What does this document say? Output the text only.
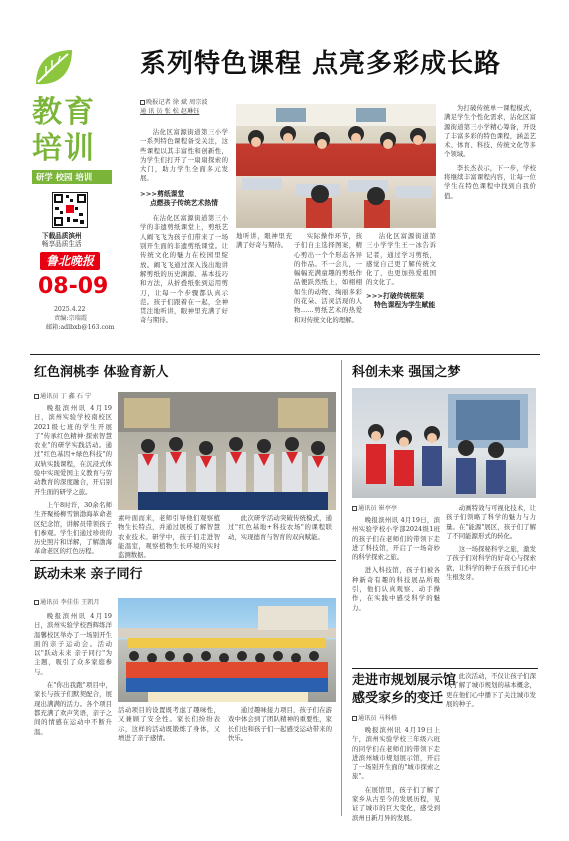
教育
培训
研学 校园 培训
下载品质滨州
畅享品质生活
鲁北晚报
08-09
2025.4.22
责编:宗瑞霞
邮箱:adlbxb@163.com
系列特色课程 点亮多彩成长路
晚报记者 徐 斌 周宗波
通 讯 员 张 松 赵琳钰

沾化区富源街道第三小学一系列特色课程备受关注，这些课程以其丰富性和创新性，为学生们打开了一扇扇探索的大门，助力学生全面多元发展。

>>>剪纸课堂
点燃孩子传统艺术热情

在沾化区富源街道第三小学的非遗剪纸课堂上，剪纸艺人阚飞飞为孩子们带来了一场别开生面的非遗剪纸课堂。让传统文化的魅力在校园里绽放。阚飞飞通过深入浅出地讲解剪纸的历史渊源、基本技巧和方法，从折叠纸张到运用剪刀，让每一个步骤都认真示范。孩子们跟着在一起，全神贯注地听讲，眼神里充满了好奇与期待。

地听讲，眼神里充满了好奇与期待。

实际操作环节，孩子们自主选择图案，精心剪出一个个形态各异的作品。不一会儿，一幅幅充满童趣的剪纸作品便跃然纸上，如栩栩如生的动物、绚丽多彩的花朵、活灵活现的人物……剪纸艺术的热爱和对传统文化的理解。

沾化区富源街道第三小学学生王一冰告诉记者，通过学习剪纸，感觉自己更了解传统文化了，也更加热爱祖国的文化了。

>>>打破传统框架
特色课程为学生赋能

为打破传统单一课程模式，满足学生个性化需求，沾化区富源街道第三小学精心筹备，开设了丰富多彩的特色课程，涵盖艺术、体育、科技、传统文化等多个领域。

李长杰表示，下一步，学校将继续丰富课程内容，让每一位学生在特色课程中找到自我价值。

红色润桃李 体验育新人
通讯员 丁 鑫 石 宁

晚报滨州讯 4月19日，滨州实验学校南校区2021级七班的学生开展了"传承红色精神·探索智慧农业"的研学实践活动。通过"红色基因+绿色科技"的双轨实践课程，在沉浸式体验中实现爱国主义教育与劳动教育的深度融合，开启别开生面的研学之旅。

上午8时许，30余名师生齐聚杨柳雪镇渤海革命老区纪念馆，讲解员带领孩子们参观。学生们通过珍贵的历史照片和详解，了解渤海革命老区的红色历程。

素叶面而来，老师引导他们观察植物生长特点，并通过展板了解智慧农业技术。研学中，孩子们走进智能温室，观察植物生长环境的实时监测数据。

此次研学活动突破传统模式，通过"红色基地+科技农场"的课程联动，实现德育与智育的双向赋能。

跃动未来 亲子同行
通讯员 李佳佳 王凯月

晚报滨州讯 4月19日，滨州实验学校西辉练洋温馨校区举办了一场别开生面的亲子运动会。活动以"跃动未来 亲子同行"为主题，吸引了众多家庭参与。

在"你出我跑"项目中，家长与孩子们默契配合，展现出满满的活力。各个项目都充满了欢声笑语，亲子之间的情感在运动中不断升温。

活动项目的设置既考虑了趣味性，又兼顾了安全性。家长们纷纷表示，这样的活动既锻炼了身体，又增进了亲子感情。

通过趣味接力项目，孩子们在游戏中体会到了团队精神的重要性，家长们也和孩子们一起感受运动带来的快乐。

科创未来 强国之梦
通讯员 崔亭亭

晚报滨州讯 4月19日，滨州实验学校小学部2024级1班的孩子们在老师们的带领下走进了科技馆，开启了一场奇妙的科学探索之旅。

进入科技馆，孩子们被各种新奇有趣的科技展品所吸引，他们认真观察、动手操作，在实践中感受科学的魅力。

动画特效与可视化技术，让孩子们领略了科学的魅力与力量。在"能源"展区，孩子们了解了不同能源形式的转化。

这一场探秘科学之旅，激发了孩子们对科学的好奇心与探索欲，让科学的种子在孩子们心中生根发芽。

走进市规划展示馆
感受家乡的变迁
通讯员 马科格

晚报滨州讯 4月19日上午，滨州实验学校三年级六班的同学们在老师们的带领下走进滨州城市规划展示馆，开启了一场别开生面的"城市探索之旅"。

在展馆里，孩子们了解了家乡从古至今的发展历程，见证了城市的巨大变化，感受到滨州日新月异的发展。

此次活动，不仅让孩子们深入了解了城市规划的基本概念，更在他们心中播下了关注城市发展的种子。
